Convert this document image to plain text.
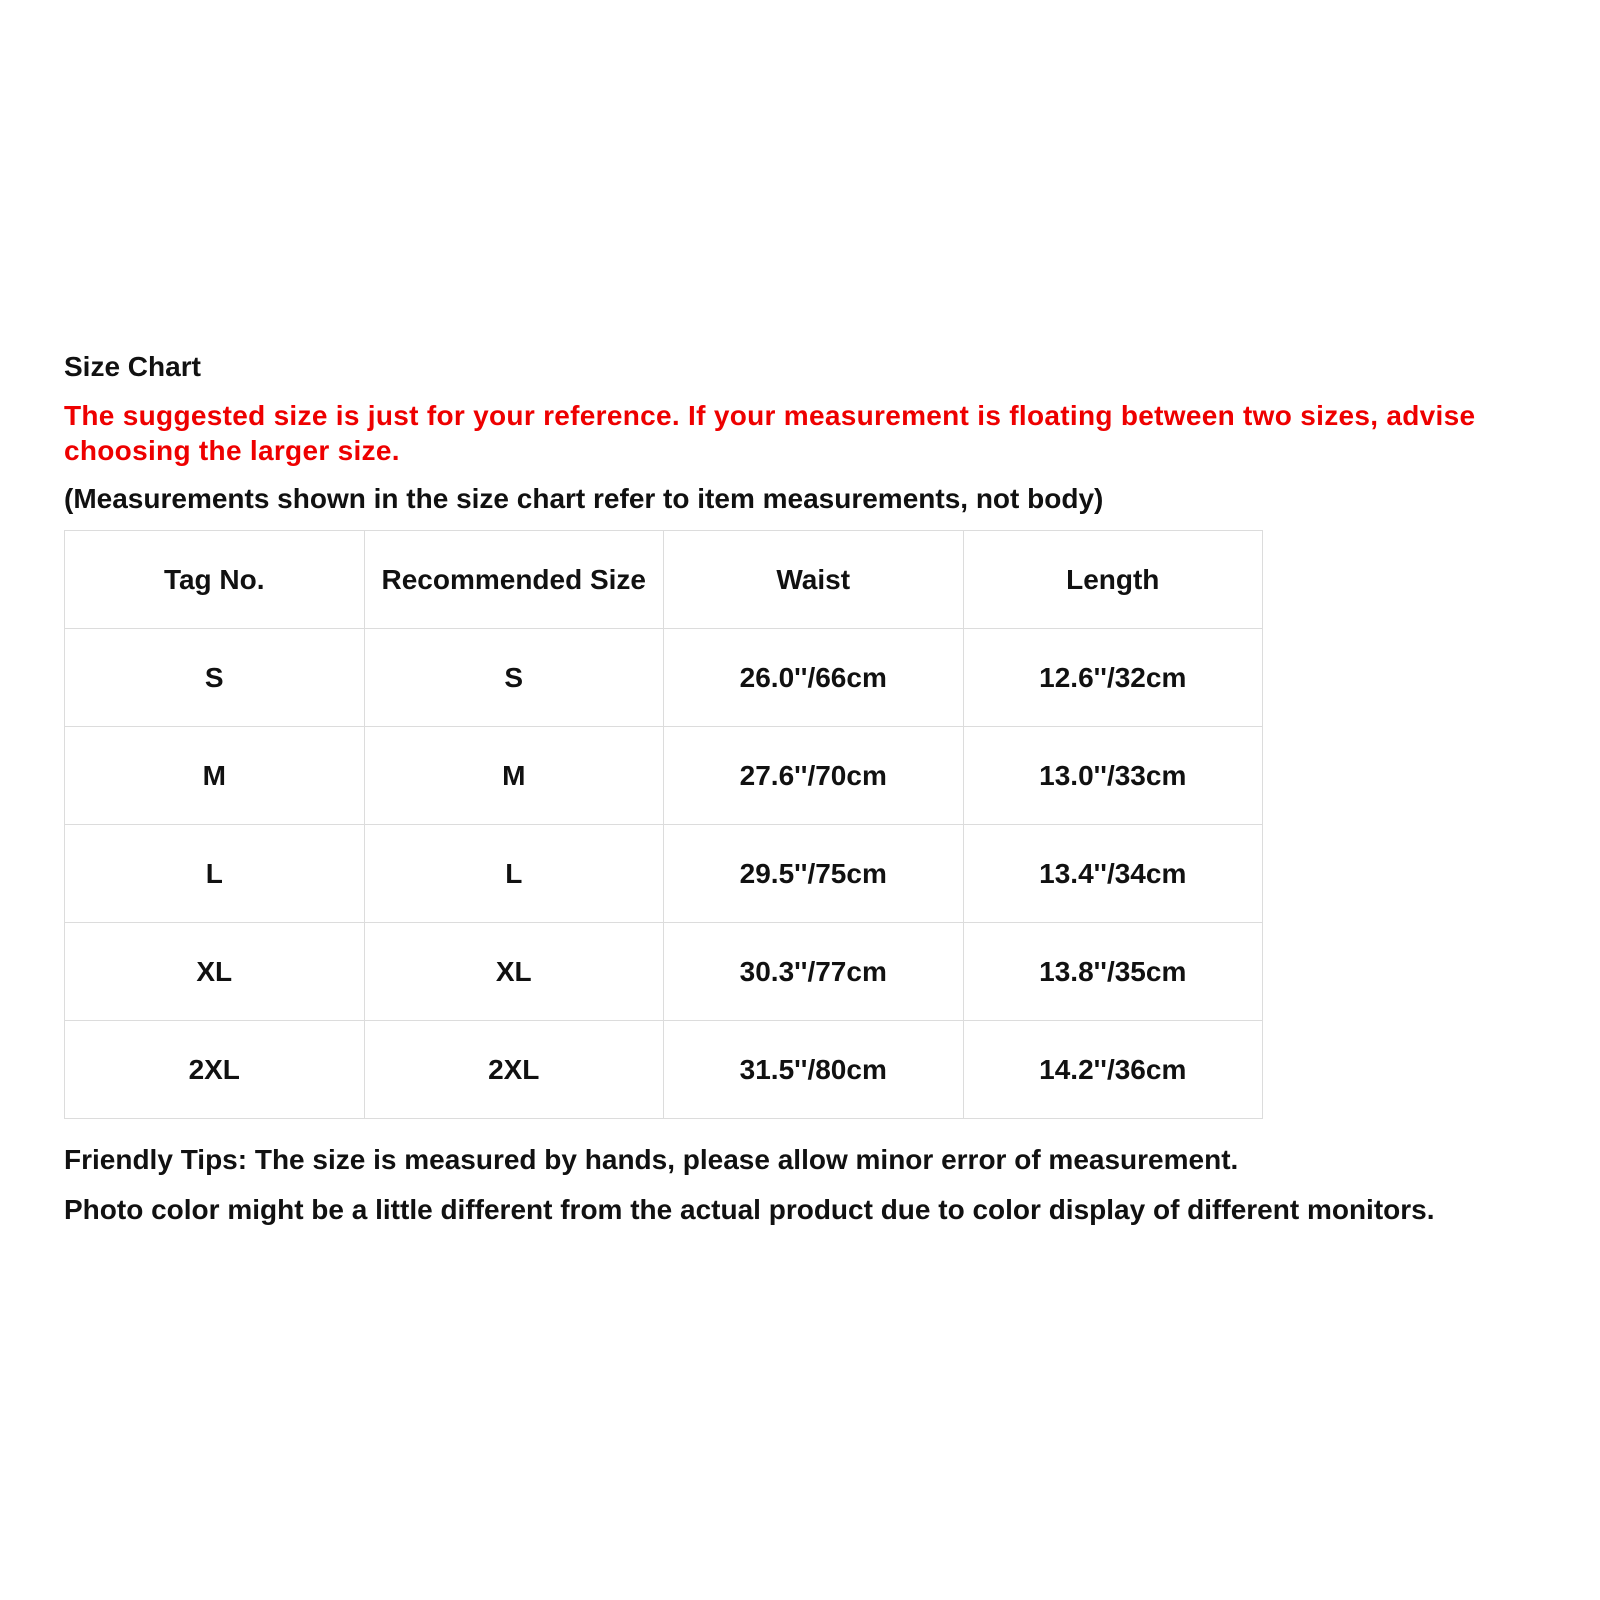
Size Chart
The suggested size is just for your reference. If your measurement is floating between two sizes, advise choosing the larger size.
(Measurements shown in the size chart refer to item measurements, not body)
Tag No.	Recommended Size	Waist	Length
S	S	26.0''/66cm	12.6''/32cm
M	M	27.6''/70cm	13.0''/33cm
L	L	29.5''/75cm	13.4''/34cm
XL	XL	30.3''/77cm	13.8''/35cm
2XL	2XL	31.5''/80cm	14.2''/36cm

Friendly Tips: The size is measured by hands, please allow minor error of measurement.

Photo color might be a little different from the actual product due to color display of different monitors.
